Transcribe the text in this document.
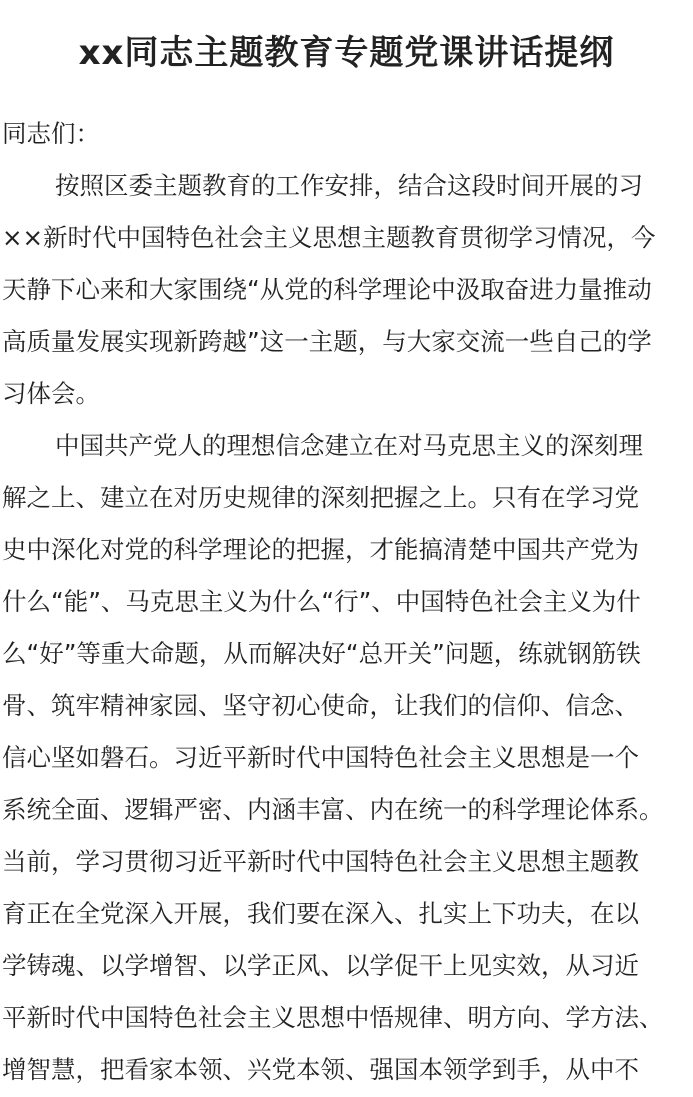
xx同志主题教育专题党课讲话提纲
同志们：
按照区委主题教育的工作安排，结合这段时间开展的习
××新时代中国特色社会主义思想主题教育贯彻学习情况，今
天静下心来和大家围绕“从党的科学理论中汲取奋进力量推动
高质量发展实现新跨越”这一主题，与大家交流一些自己的学
习体会。
中国共产党人的理想信念建立在对马克思主义的深刻理
解之上、建立在对历史规律的深刻把握之上。只有在学习党
史中深化对党的科学理论的把握，才能搞清楚中国共产党为
什么“能”、马克思主义为什么“行”、中国特色社会主义为什
么“好”等重大命题，从而解决好“总开关”问题，练就钢筋铁
骨、筑牢精神家园、坚守初心使命，让我们的信仰、信念、
信心坚如磐石。习近平新时代中国特色社会主义思想是一个
系统全面、逻辑严密、内涵丰富、内在统一的科学理论体系。
当前，学习贯彻习近平新时代中国特色社会主义思想主题教
育正在全党深入开展，我们要在深入、扎实上下功夫，在以
学铸魂、以学增智、以学正风、以学促干上见实效，从习近
平新时代中国特色社会主义思想中悟规律、明方向、学方法、
增智慧，把看家本领、兴党本领、强国本领学到手，从中不
